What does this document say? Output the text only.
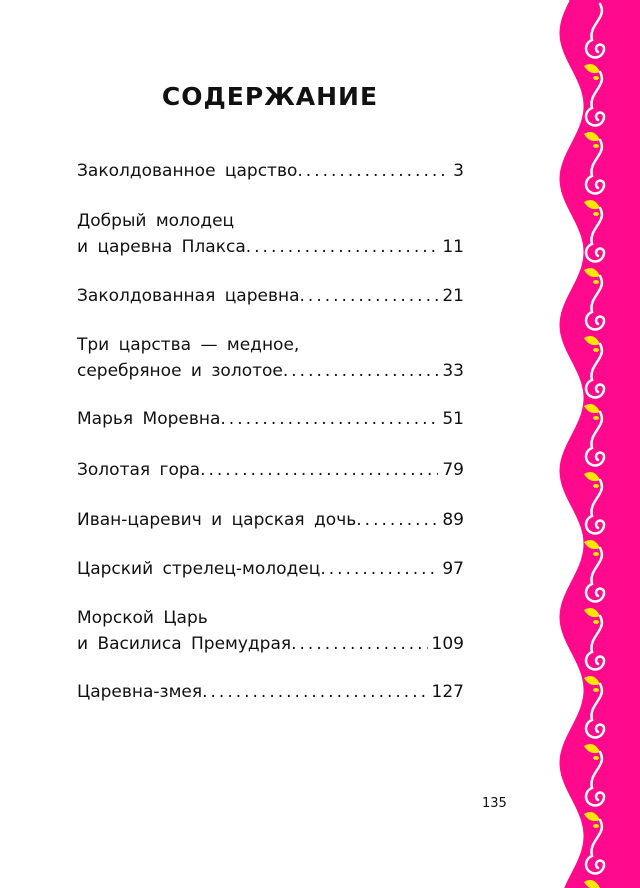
СОДЕРЖАНИЕ
Заколдованное царство .....	3
Добрый молодец
и царевна Плакса .....	11
Заколдованная царевна .....	21
Три царства — медное,
серебряное и золотое .....	33
Марья Моревна .....	51
Золотая гора .....	79
Иван-царевич и царская дочь .....	89
Царский стрелец-молодец .....	97
Морской Царь
и Василиса Премудрая .....	109
Царевна-змея .....	127
135
